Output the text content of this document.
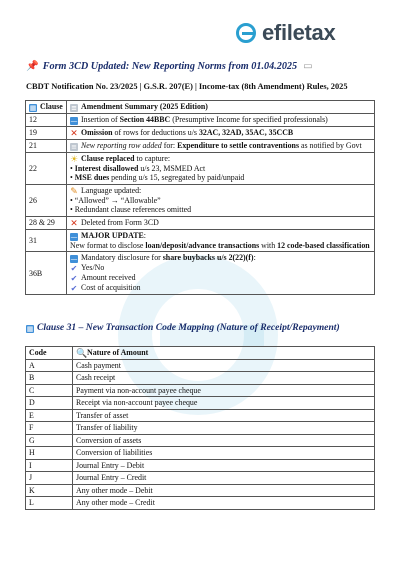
efiletax
📌 Form 3CD Updated: New Reporting Norms from 01.04.2025 ▭
CBDT Notification No. 23/2025 | G.S.R. 207(E) | Income-tax (8th Amendment) Rules, 2025
▦ Clause	≡ Amendment Summary (2025 Edition)
12	— Insertion of Section 44BBC (Presumptive Income for specified professionals)
19	✕ Omission of rows for deductions u/s 32AC, 32AD, 35AC, 35CCB
21	≡ New reporting row added for: Expenditure to settle contraventions as notified by Govt
22	☀ Clause replaced to capture:
• Interest disallowed u/s 23, MSMED Act
• MSE dues pending u/s 15, segregated by paid/unpaid

26	✎ Language updated:
• “Allowed” → “Allowable”
• Redundant clause references omitted

28 & 29	✕ Deleted from Form 3CD
31	— MAJOR UPDATE:
New format to disclose loan/deposit/advance transactions with 12 code-based classification

36B	— Mandatory disclosure for share buybacks u/s 2(22)(f):
✔ Yes/No
✔ Amount received
✔ Cost of acquisition
▦ Clause 31 – New Transaction Code Mapping (Nature of Receipt/Repayment)
Code	🔍Nature of Amount
A	Cash payment
B	Cash receipt
C	Payment via non-account payee cheque
D	Receipt via non-account payee cheque
E	Transfer of asset
F	Transfer of liability
G	Conversion of assets
H	Conversion of liabilities
I	Journal Entry – Debit
J	Journal Entry – Credit
K	Any other mode – Debit
L	Any other mode – Credit
